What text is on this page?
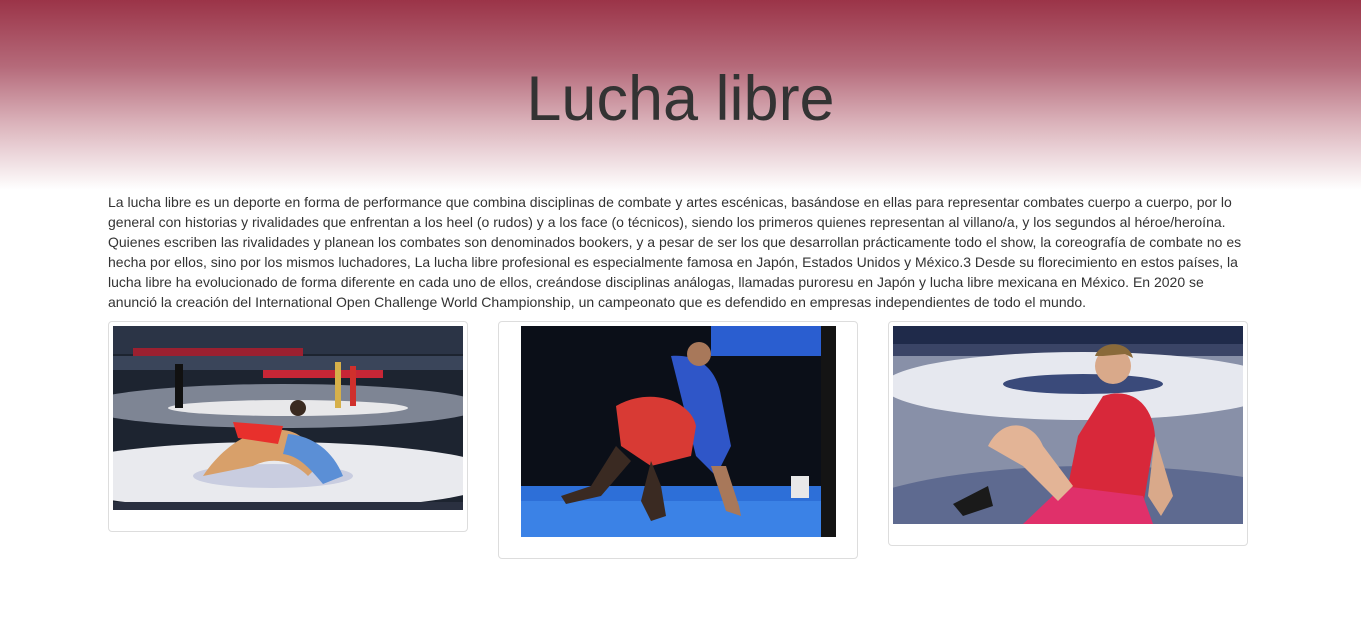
Lucha libre

La lucha libre es un deporte en forma de performance que combina disciplinas de combate y artes escénicas, basándose en ellas para representar combates cuerpo a cuerpo, por lo general con historias y rivalidades que enfrentan a los heel (o rudos) y a los face (o técnicos), siendo los primeros quienes representan al villano/a, y los segundos al héroe/heroína. Quienes escriben las rivalidades y planean los combates son denominados bookers, y a pesar de ser los que desarrollan prácticamente todo el show, la coreografía de combate no es hecha por ellos, sino por los mismos luchadores, La lucha libre profesional es especialmente famosa en Japón, Estados Unidos y México.3 Desde su florecimiento en estos países, la lucha libre ha evolucionado de forma diferente en cada uno de ellos, creándose disciplinas análogas, llamadas puroresu en Japón y lucha libre mexicana en México. En 2020 se anunció la creación del International Open Challenge World Championship, un campeonato que es defendido en empresas independientes de todo el mundo.
